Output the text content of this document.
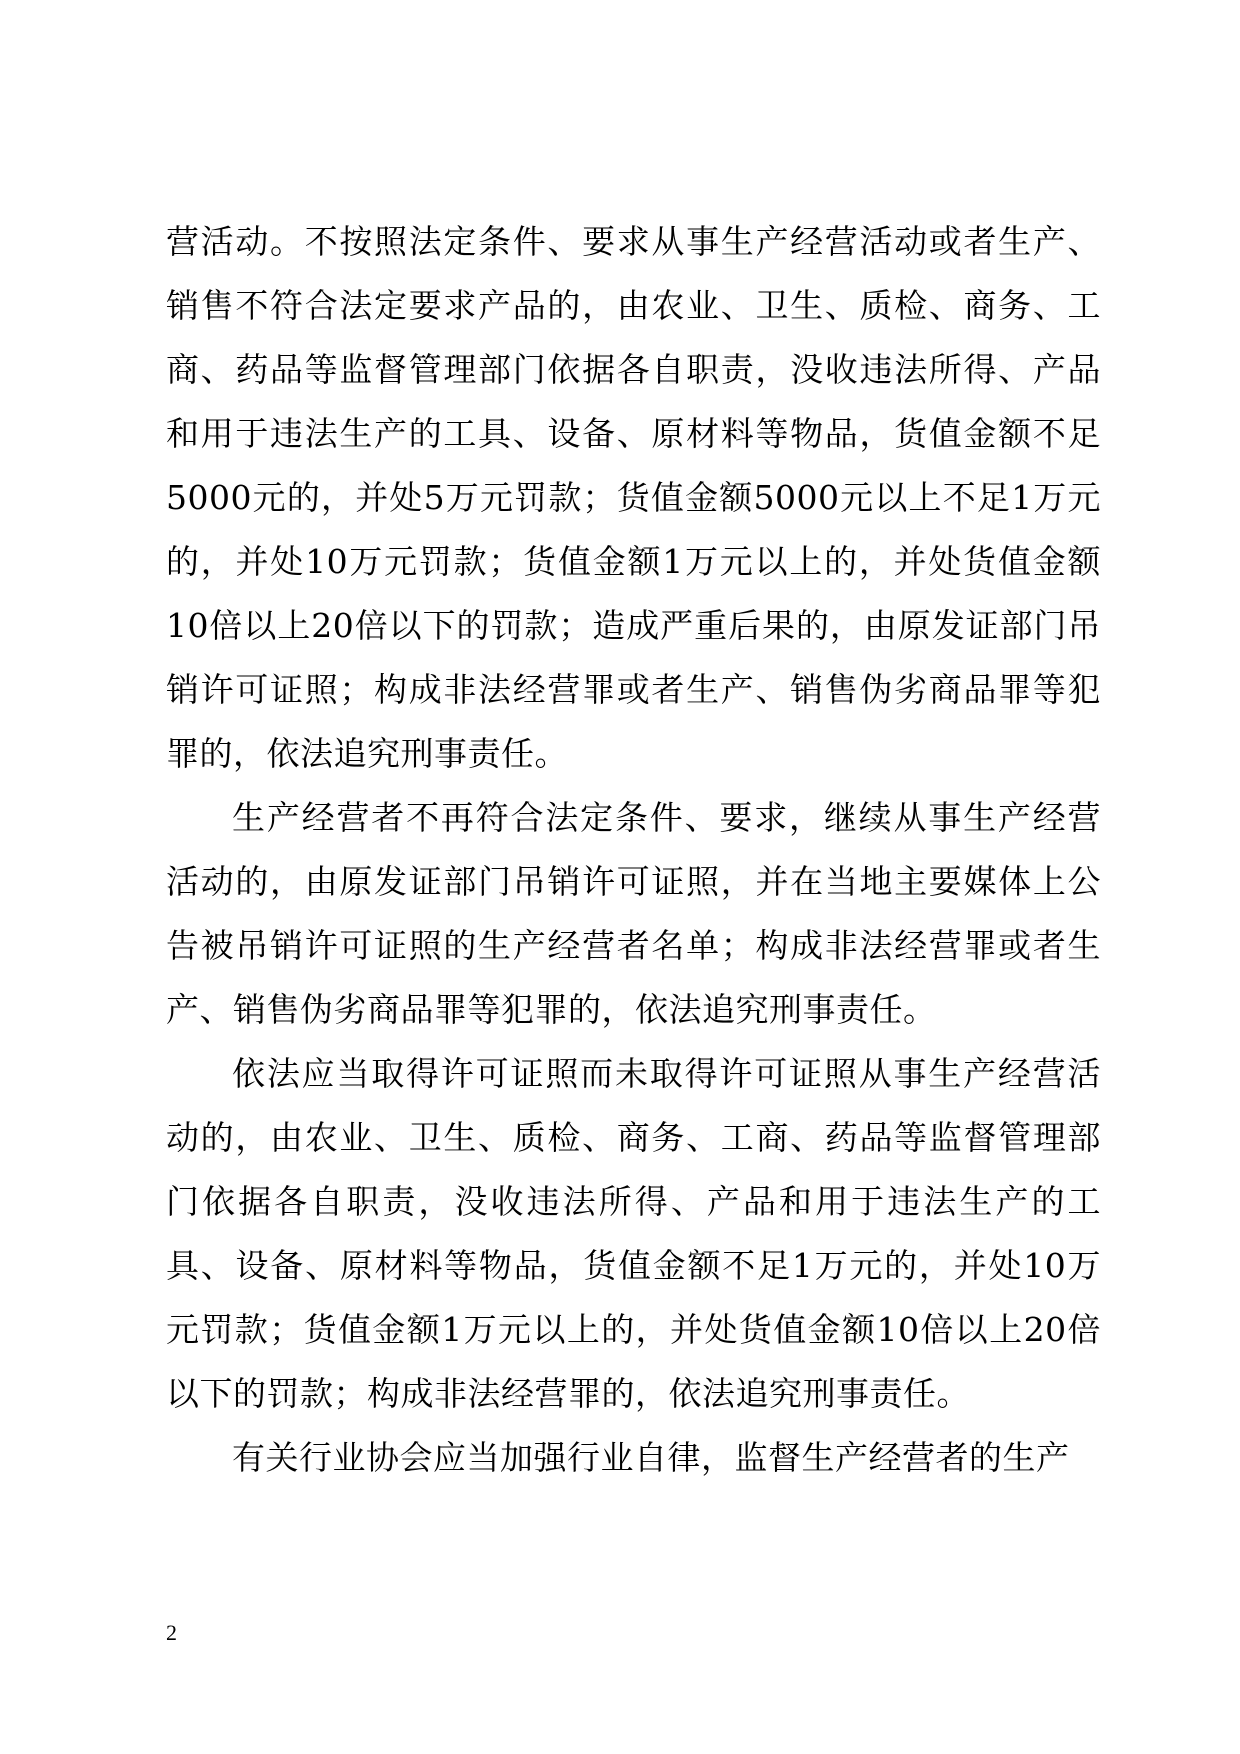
营活动。不按照法定条件、要求从事生产经营活动或者生产、销售不符合法定要求产品的，由农业、卫生、质检、商务、工商、药品等监督管理部门依据各自职责，没收违法所得、产品和用于违法生产的工具、设备、原材料等物品，货值金额不足5000元的，并处5万元罚款；货值金额5000元以上不足1万元的，并处10万元罚款；货值金额1万元以上的，并处货值金额10倍以上20倍以下的罚款；造成严重后果的，由原发证部门吊销许可证照；构成非法经营罪或者生产、销售伪劣商品罪等犯罪的，依法追究刑事责任。

生产经营者不再符合法定条件、要求，继续从事生产经营活动的，由原发证部门吊销许可证照，并在当地主要媒体上公告被吊销许可证照的生产经营者名单；构成非法经营罪或者生产、销售伪劣商品罪等犯罪的，依法追究刑事责任。

依法应当取得许可证照而未取得许可证照从事生产经营活动的，由农业、卫生、质检、商务、工商、药品等监督管理部门依据各自职责，没收违法所得、产品和用于违法生产的工具、设备、原材料等物品，货值金额不足1万元的，并处10万元罚款；货值金额1万元以上的，并处货值金额10倍以上20倍以下的罚款；构成非法经营罪的，依法追究刑事责任。

有关行业协会应当加强行业自律，监督生产经营者的生产

2
